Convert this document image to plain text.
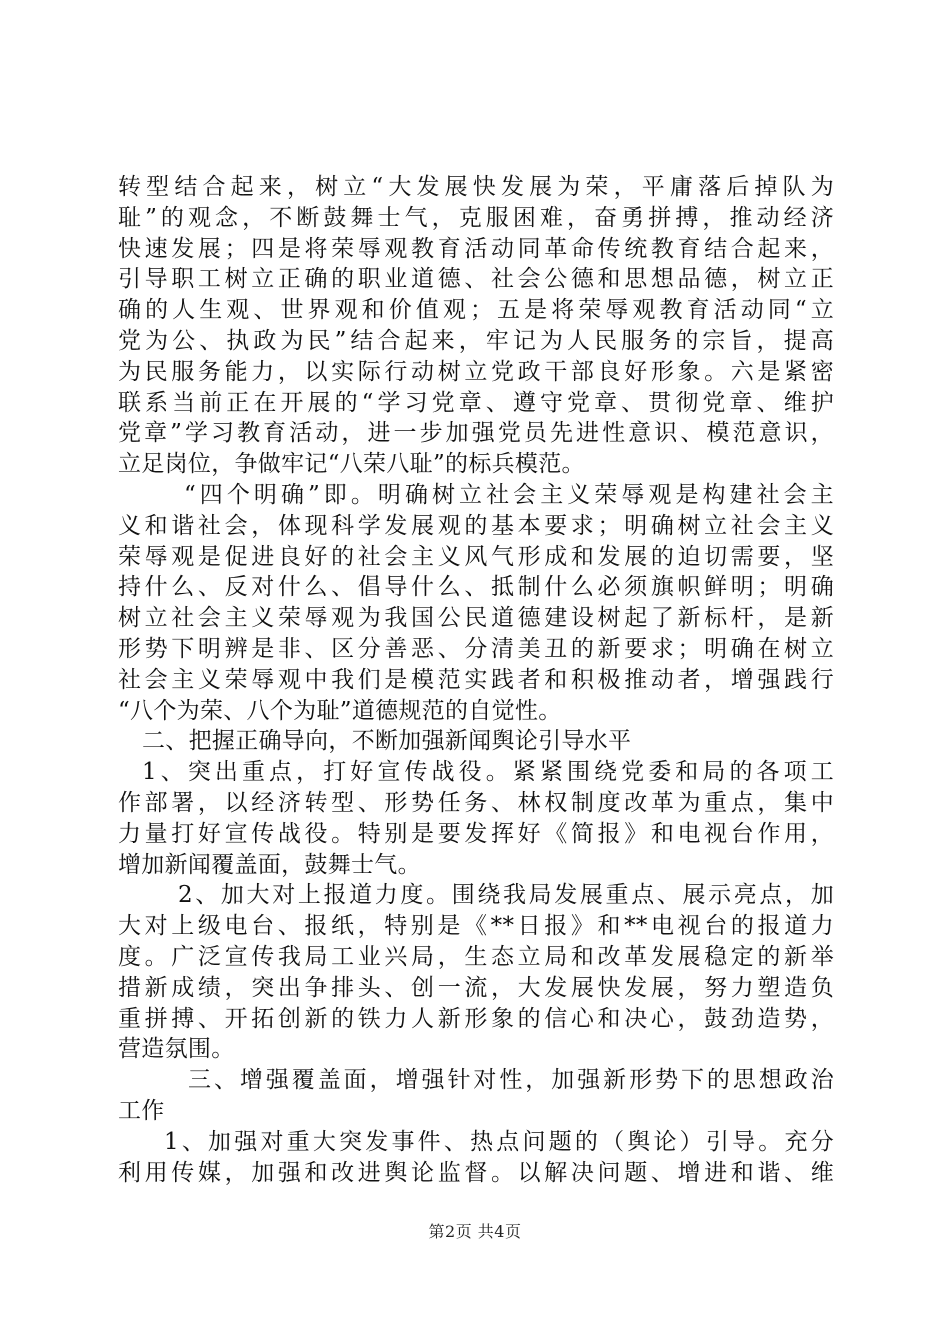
转型结合起来，树立“大发展快发展为荣，平庸落后掉队为
耻”的观念，不断鼓舞士气，克服困难，奋勇拼搏，推动经济
快速发展；四是将荣辱观教育活动同革命传统教育结合起来，
引导职工树立正确的职业道德、社会公德和思想品德，树立正
确的人生观、世界观和价值观；五是将荣辱观教育活动同“立
党为公、执政为民”结合起来，牢记为人民服务的宗旨，提高
为民服务能力，以实际行动树立党政干部良好形象。六是紧密
联系当前正在开展的“学习党章、遵守党章、贯彻党章、维护
党章”学习教育活动，进一步加强党员先进性意识、模范意识，
立足岗位，争做牢记“八荣八耻”的标兵模范。
“四个明确”即。明确树立社会主义荣辱观是构建社会主
义和谐社会，体现科学发展观的基本要求；明确树立社会主义
荣辱观是促进良好的社会主义风气形成和发展的迫切需要，坚
持什么、反对什么、倡导什么、抵制什么必须旗帜鲜明；明确
树立社会主义荣辱观为我国公民道德建设树起了新标杆，是新
形势下明辨是非、区分善恶、分清美丑的新要求；明确在树立
社会主义荣辱观中我们是模范实践者和积极推动者，增强践行
“八个为荣、八个为耻”道德规范的自觉性。
二、把握正确导向，不断加强新闻舆论引导水平
1、突出重点，打好宣传战役。紧紧围绕党委和局的各项工
作部署，以经济转型、形势任务、林权制度改革为重点，集中
力量打好宣传战役。特别是要发挥好《简报》和电视台作用，
增加新闻覆盖面，鼓舞士气。
2、加大对上报道力度。围绕我局发展重点、展示亮点，加
大对上级电台、报纸，特别是《**日报》和**电视台的报道力
度。广泛宣传我局工业兴局，生态立局和改革发展稳定的新举
措新成绩，突出争排头、创一流，大发展快发展，努力塑造负
重拼搏、开拓创新的铁力人新形象的信心和决心，鼓劲造势，
营造氛围。
三、增强覆盖面，增强针对性，加强新形势下的思想政治
工作
1、加强对重大突发事件、热点问题的（舆论）引导。充分
利用传媒，加强和改进舆论监督。以解决问题、增进和谐、维
第2页 共4页
